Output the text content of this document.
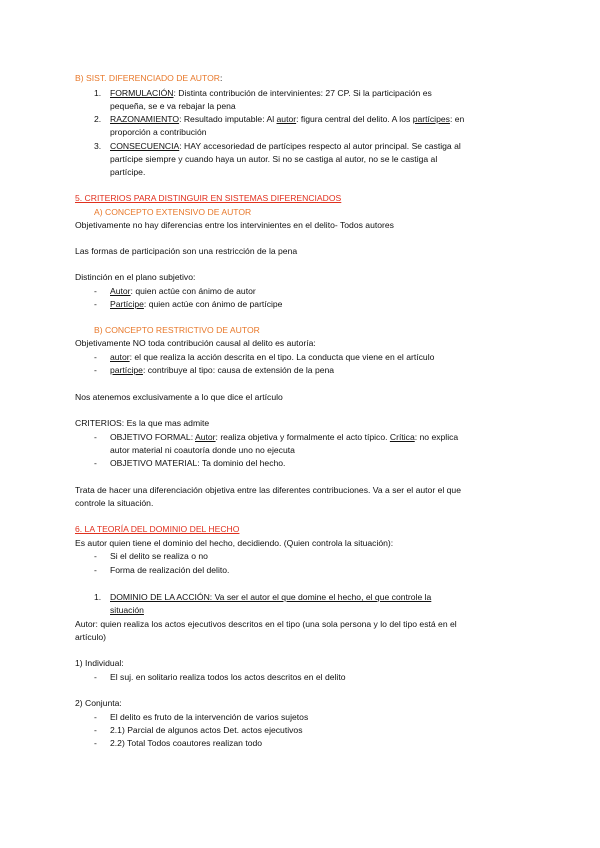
B) SIST. DIFERENCIADO DE AUTOR:
1. FORMULACIÓN: Distinta contribución de intervinientes: 27 CP. Si la participación es
pequeña, se e va rebajar la pena
2. RAZONAMIENTO: Resultado imputable: Al autor: figura central del delito. A los partícipes: en
proporción a contribución
3. CONSECUENCIA: HAY accesoriedad de partícipes respecto al autor principal. Se castiga al
partícipe siempre y cuando haya un autor. Si no se castiga al autor, no se le castiga al
partícipe.
5. CRITERIOS PARA DISTINGUIR EN SISTEMAS DIFERENCIADOS
A) CONCEPTO EXTENSIVO DE AUTOR
Objetivamente no hay diferencias entre los intervinientes en el delito- Todos autores
Las formas de participación son una restricción de la pena
Distinción en el plano subjetivo:
- Autor: quien actúe con ánimo de autor
- Partícipe: quien actúe con ánimo de partícipe
B) CONCEPTO RESTRICTIVO DE AUTOR
Objetivamente NO toda contribución causal al delito es autoría:
- autor: el que realiza la acción descrita en el tipo. La conducta que viene en el artículo
- partícipe: contribuye al tipo: causa de extensión de la pena
Nos atenemos exclusivamente a lo que dice el artículo
CRITERIOS: Es la que mas admite
- OBJETIVO FORMAL: Autor: realiza objetiva y formalmente el acto típico. Crítica: no explica
autor material ni coautoría donde uno no ejecuta
- OBJETIVO MATERIAL: Ta dominio del hecho.
Trata de hacer una diferenciación objetiva entre las diferentes contribuciones. Va a ser el autor el que
controle la situación.
6. LA TEORÍA DEL DOMINIO DEL HECHO
Es autor quien tiene el dominio del hecho, decidiendo. (Quien controla la situación):
- Si el delito se realiza o no
- Forma de realización del delito.
1. DOMINIO DE LA ACCIÓN: Va ser el autor el que domine el hecho, el que controle la
situación
Autor: quien realiza los actos ejecutivos descritos en el tipo (una sola persona y lo del tipo está en el
artículo)
1) Individual:
- El suj. en solitario realiza todos los actos descritos en el delito
2) Conjunta:
- El delito es fruto de la intervención de varios sujetos
- 2.1) Parcial de algunos actos Det. actos ejecutivos
- 2.2) Total Todos coautores realizan todo
